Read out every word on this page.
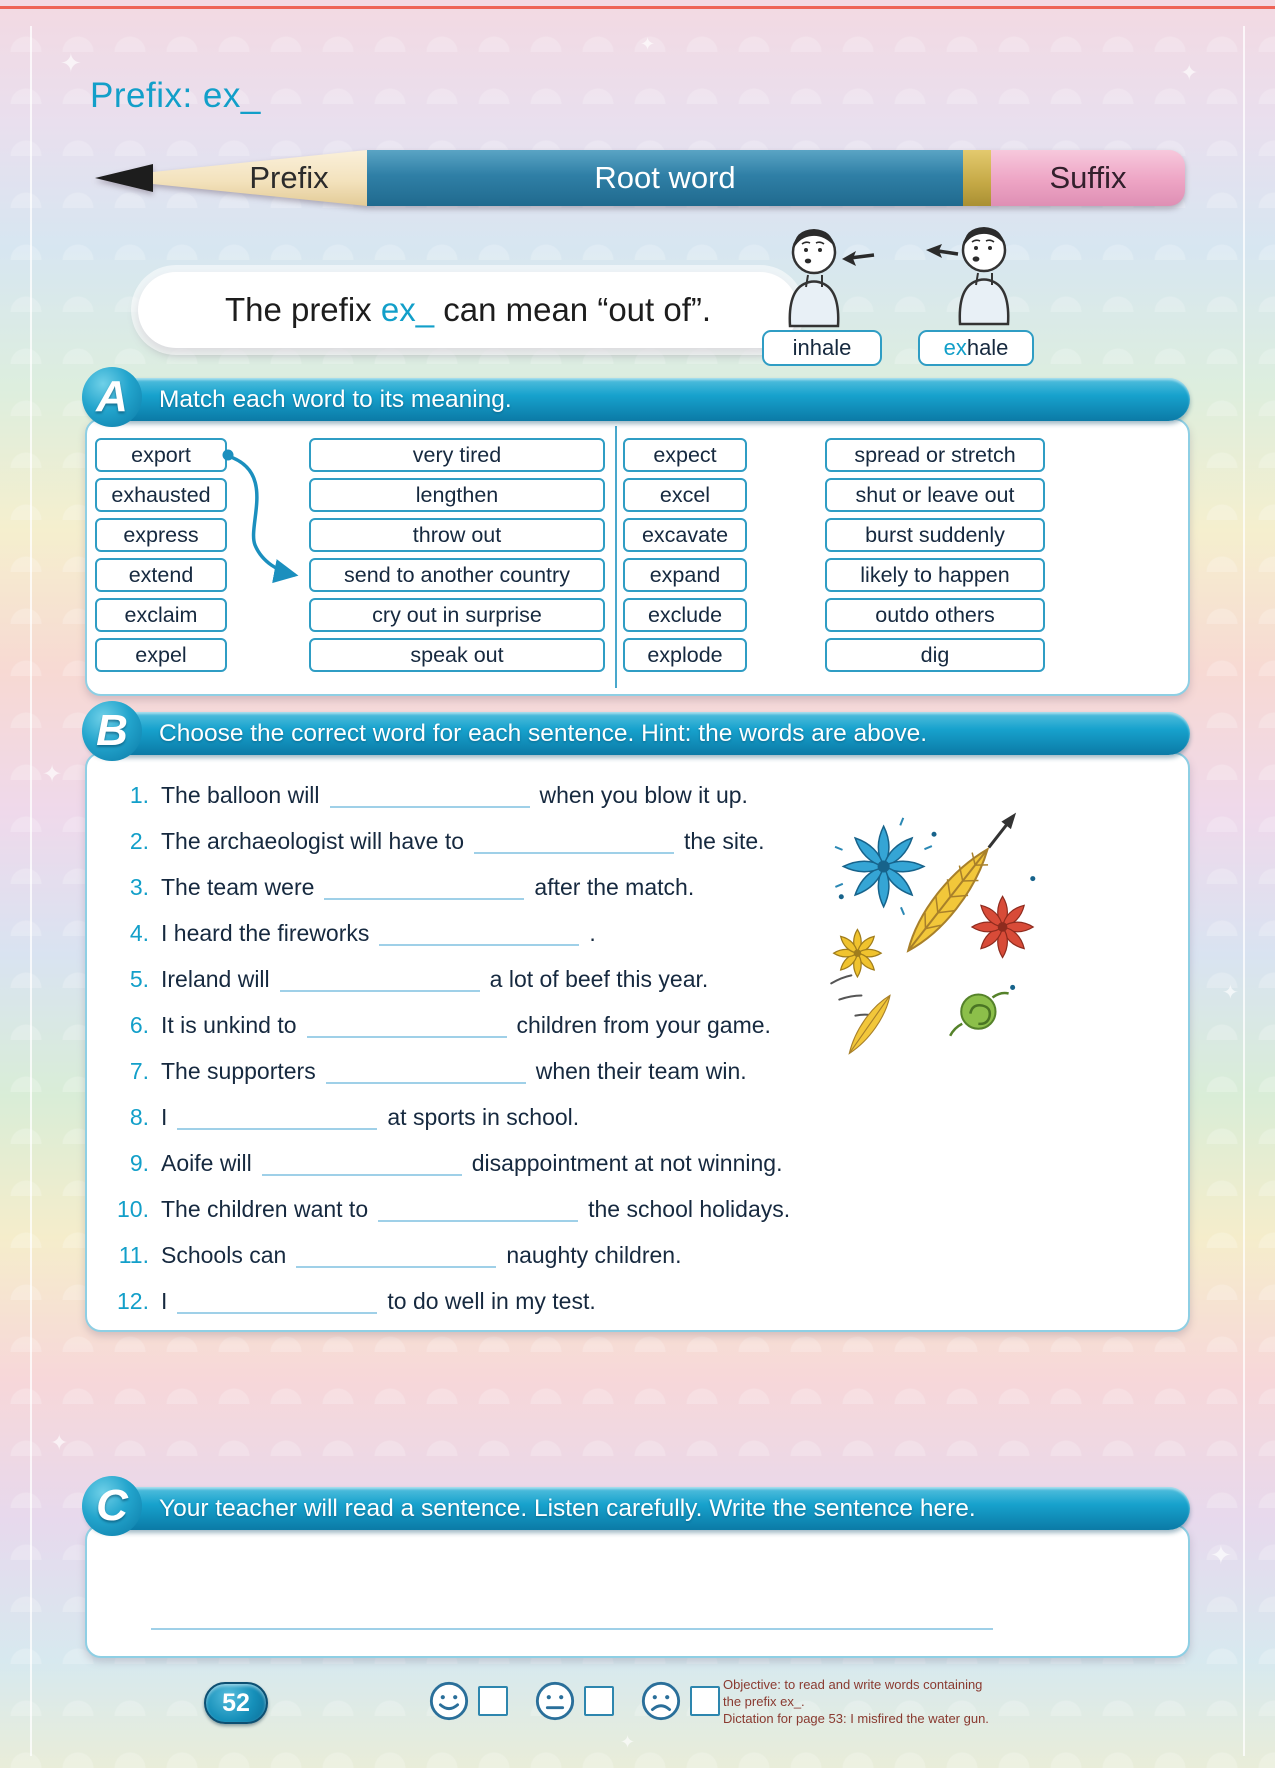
✦	✦
✦
✦
✦
✦
✦
✦
Prefix: ex_
Prefix	Root word	Suffix
The prefix ex_ can mean “out of”.
inhale	ex hale
A	Match each word to its meaning.
export
exhausted
express
extend
exclaim
expel
very tired
lengthen
throw out
send to another country
cry out in surprise
speak out
expect
excel
excavate
expand
exclude
explode
spread or stretch
shut or leave out
burst suddenly
likely to happen
outdo others
dig
B	Choose the correct word for each sentence. Hint: the words are above.
1. The balloon will	when you blow it up.
2. The archaeologist will have to	the site.
3. The team were	after the match.
4. I heard the fireworks	.
5. Ireland will	a lot of beef this year.
6. It is unkind to	children from your game.
7. The supporters	when their team win.
8. I	at sports in school.
9. Aoife will	disappointment at not winning.
10. The children want to	the school holidays.
11. Schools can	naughty children.
12. I	to do well in my test.
C	Your teacher will read a sentence. Listen carefully. Write the sentence here.
52
Objective: to read and write words containing the prefix ex_.
Dictation for page 53: I misfired the water gun.
